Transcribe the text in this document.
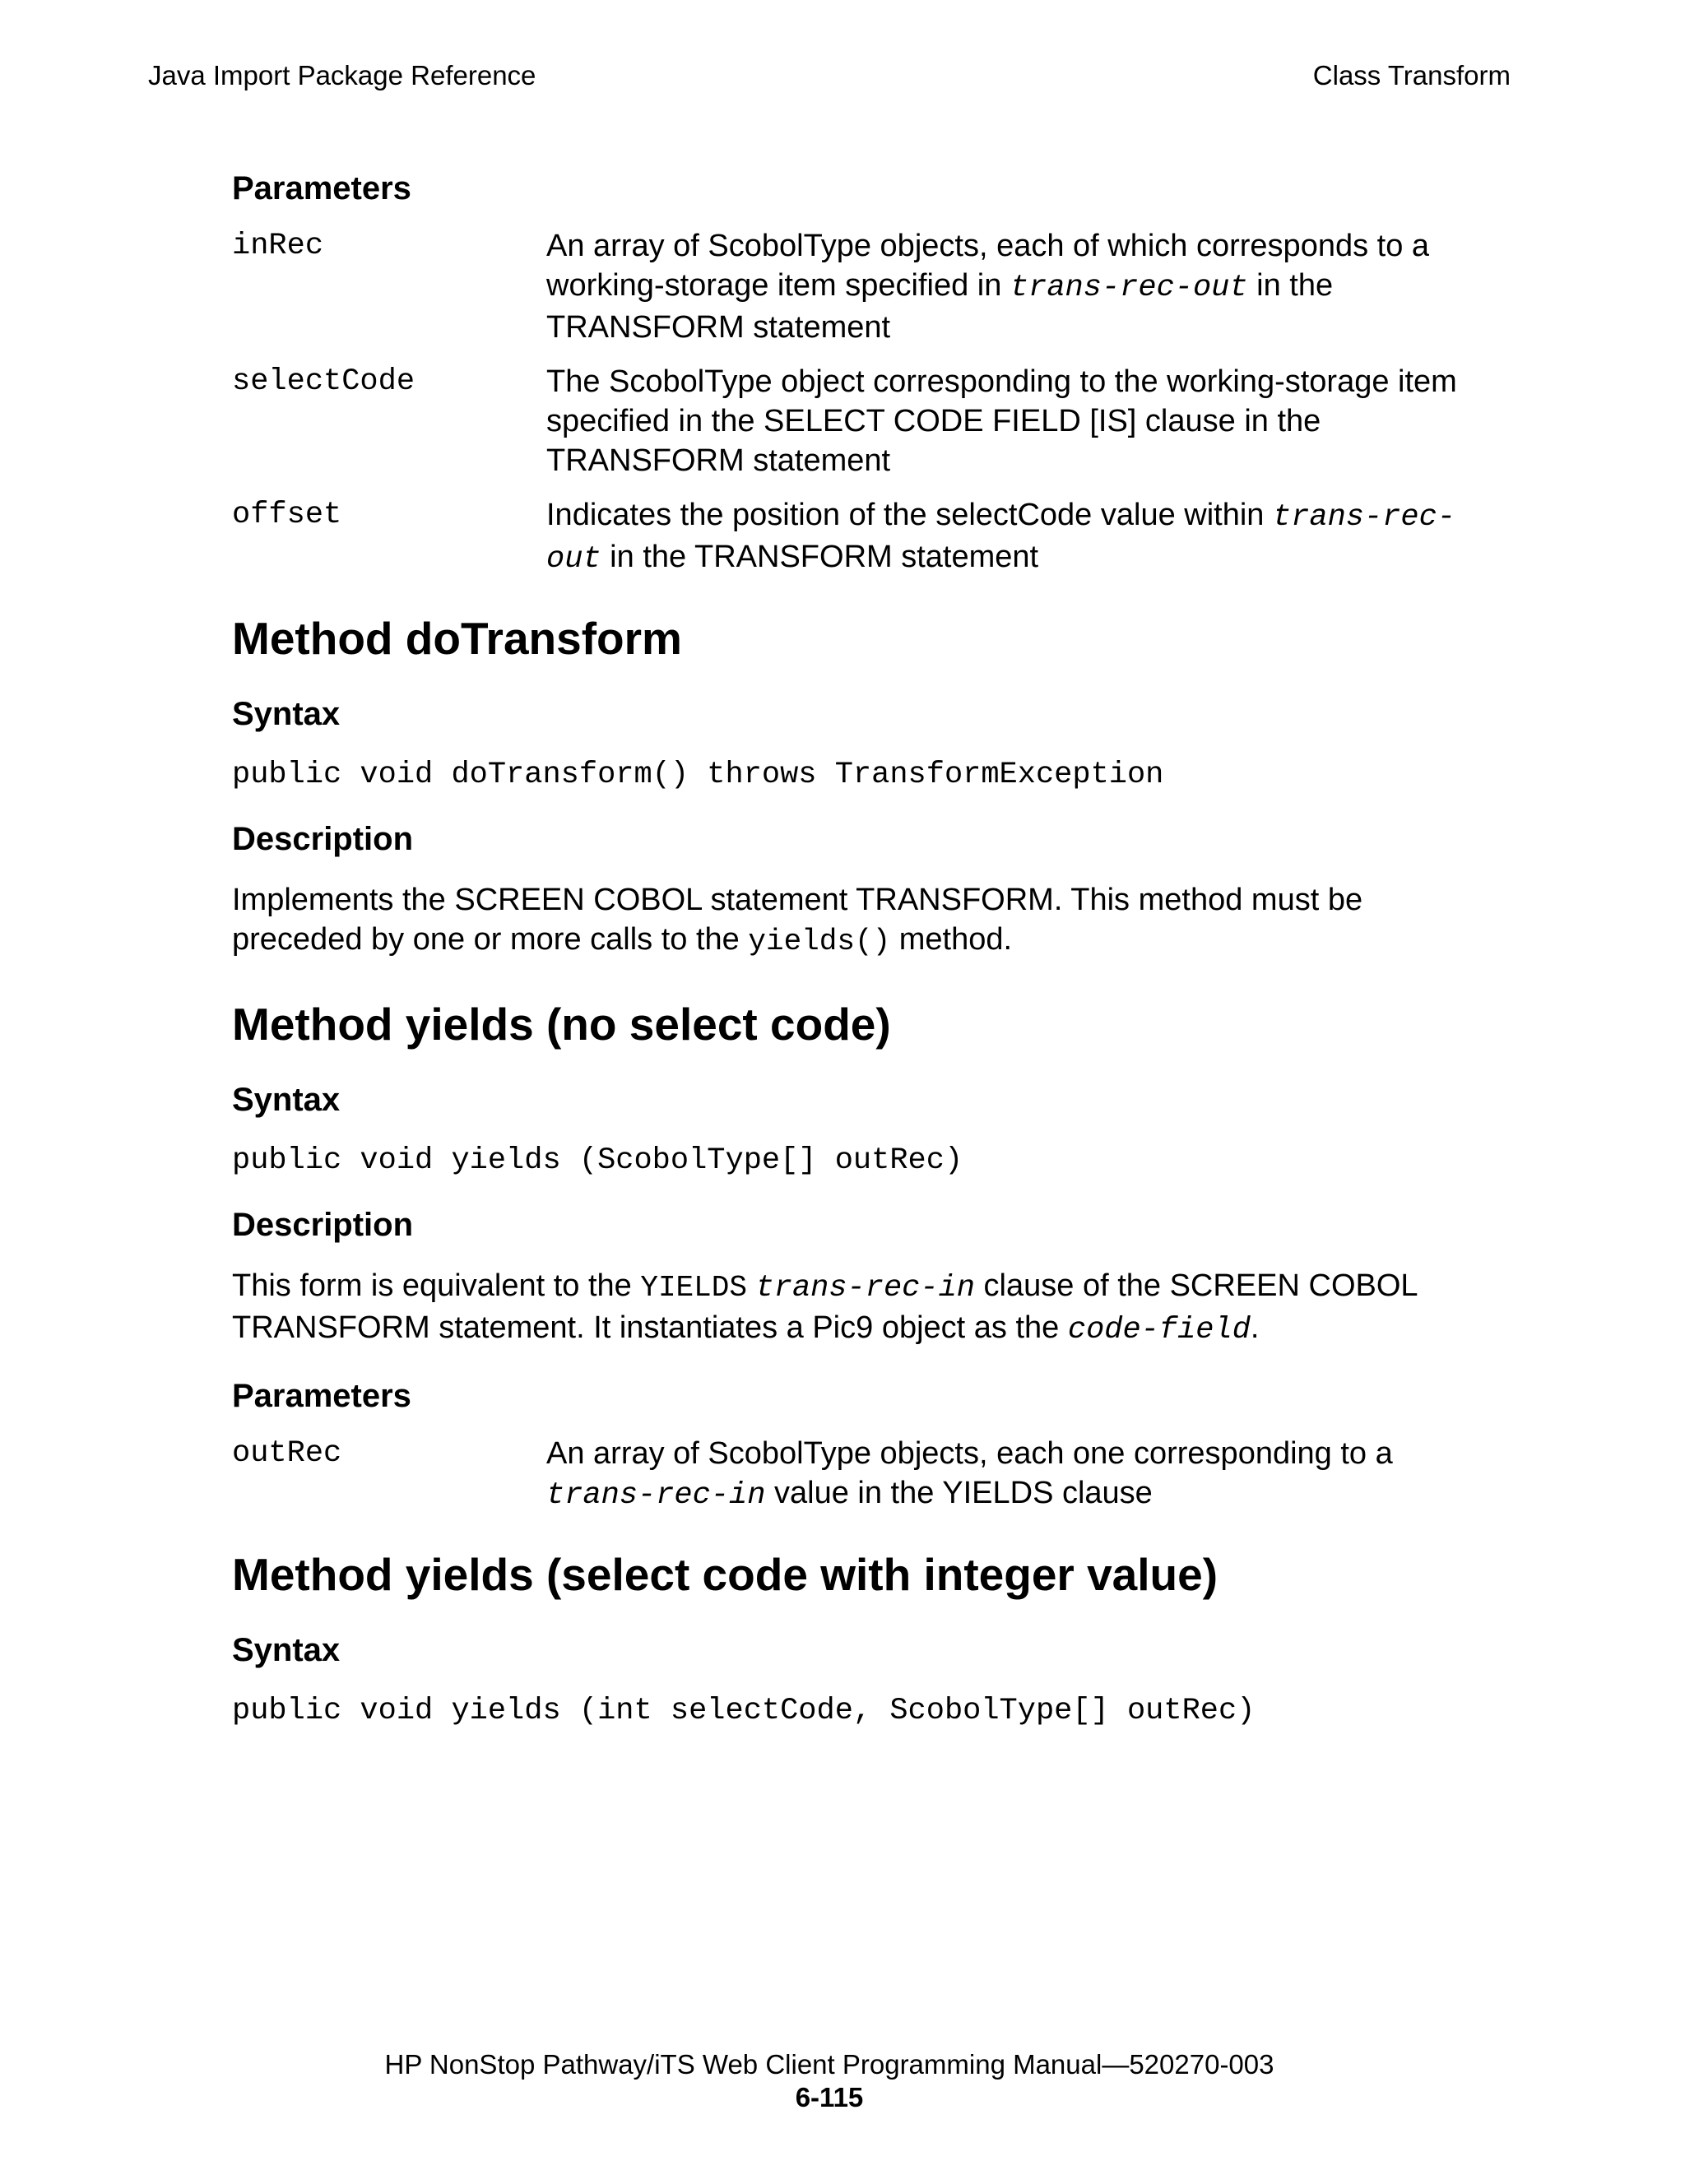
Java Import Package Reference	Class Transform
Parameters
inRec	An array of ScobolType objects, each of which corresponds to a working-storage item specified in trans-rec-out in the TRANSFORM statement
selectCode	The ScobolType object corresponding to the working-storage item specified in the SELECT CODE FIELD [IS] clause in the TRANSFORM statement
offset	Indicates the position of the selectCode value within trans-rec-out in the TRANSFORM statement
Method doTransform
Syntax

public void doTransform() throws TransformException

Description

Implements the SCREEN COBOL statement TRANSFORM. This method must be preceded by one or more calls to the yields() method.

Method yields (no select code)
Syntax

public void yields (ScobolType[] outRec)

Description

This form is equivalent to the YIELDS trans-rec-in clause of the SCREEN COBOL TRANSFORM statement. It instantiates a Pic9 object as the code-field.

Parameters
outRec	An array of ScobolType objects, each one corresponding to a trans-rec-in value in the YIELDS clause
Method yields (select code with integer value)
Syntax

public void yields (int selectCode, ScobolType[] outRec)

HP NonStop Pathway/iTS Web Client Programming Manual—520270-003
6-115
